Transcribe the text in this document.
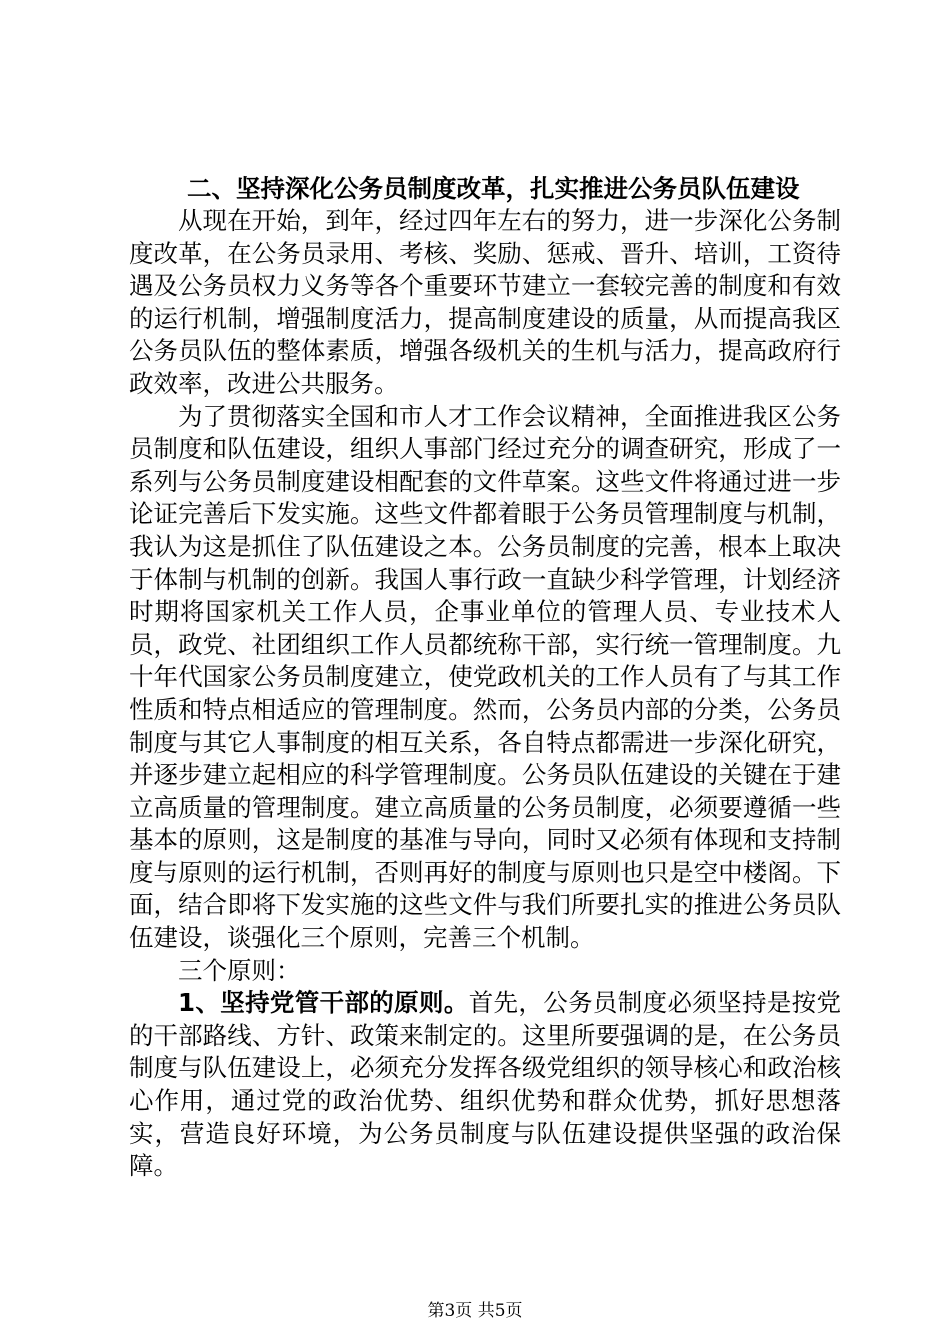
二、坚持深化公务员制度改革，扎实推进公务员队伍建设

从现在开始，到年，经过四年左右的努力，进一步深化公务制度改革，在公务员录用、考核、奖励、惩戒、晋升、培训，工资待遇及公务员权力义务等各个重要环节建立一套较完善的制度和有效的运行机制，增强制度活力，提高制度建设的质量，从而提高我区公务员队伍的整体素质，增强各级机关的生机与活力，提高政府行政效率，改进公共服务。

为了贯彻落实全国和市人才工作会议精神，全面推进我区公务员制度和队伍建设，组织人事部门经过充分的调查研究，形成了一系列与公务员制度建设相配套的文件草案。这些文件将通过进一步论证完善后下发实施。这些文件都着眼于公务员管理制度与机制，我认为这是抓住了队伍建设之本。公务员制度的完善，根本上取决于体制与机制的创新。我国人事行政一直缺少科学管理，计划经济时期将国家机关工作人员，企事业单位的管理人员、专业技术人员，政党、社团组织工作人员都统称干部，实行统一管理制度。九十年代国家公务员制度建立，使党政机关的工作人员有了与其工作性质和特点相适应的管理制度。然而，公务员内部的分类，公务员制度与其它人事制度的相互关系，各自特点都需进一步深化研究，并逐步建立起相应的科学管理制度。公务员队伍建设的关键在于建立高质量的管理制度。建立高质量的公务员制度，必须要遵循一些基本的原则，这是制度的基准与导向，同时又必须有体现和支持制度与原则的运行机制，否则再好的制度与原则也只是空中楼阁。下面，结合即将下发实施的这些文件与我们所要扎实的推进公务员队伍建设，谈强化三个原则，完善三个机制。

三个原则：

1、坚持党管干部的原则。首先，公务员制度必须坚持是按党的干部路线、方针、政策来制定的。这里所要强调的是，在公务员制度与队伍建设上，必须充分发挥各级党组织的领导核心和政治核心作用，通过党的政治优势、组织优势和群众优势，抓好思想落实，营造良好环境，为公务员制度与队伍建设提供坚强的政治保障。

第3页 共5页
